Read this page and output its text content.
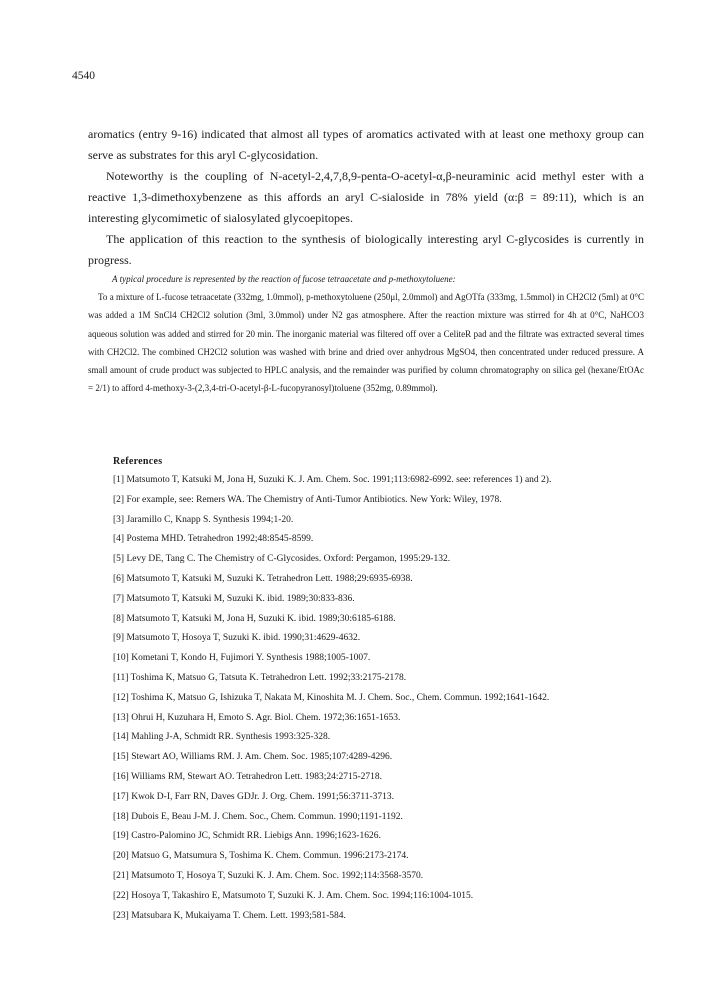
4540

aromatics (entry 9-16) indicated that almost all types of aromatics activated with at least one methoxy group can serve as substrates for this aryl C-glycosidation.

Noteworthy is the coupling of N-acetyl-2,4,7,8,9-penta-O-acetyl-α,β-neuraminic acid methyl ester with a reactive 1,3-dimethoxybenzene as this affords an aryl C-sialoside in 78% yield (α:β = 89:11), which is an interesting glycomimetic of sialosylated glycoepitopes.

The application of this reaction to the synthesis of biologically interesting aryl C-glycosides is currently in progress.

A typical procedure is represented by the reaction of fucose tetraacetate and p-methoxytoluene:

To a mixture of L-fucose tetraacetate (332mg, 1.0mmol), p-methoxytoluene (250μl, 2.0mmol) and AgOTfa (333mg, 1.5mmol) in CH2Cl2 (5ml) at 0°C was added a 1M SnCl4 CH2Cl2 solution (3ml, 3.0mmol) under N2 gas atmosphere. After the reaction mixture was stirred for 4h at 0°C, NaHCO3 aqueous solution was added and stirred for 20 min. The inorganic material was filtered off over a CeliteR pad and the filtrate was extracted several times with CH2Cl2. The combined CH2Cl2 solution was washed with brine and dried over anhydrous MgSO4, then concentrated under reduced pressure. A small amount of crude product was subjected to HPLC analysis, and the remainder was purified by column chromatography on silica gel (hexane/EtOAc = 2/1) to afford 4-methoxy-3-(2,3,4-tri-O-acetyl-β-L-fucopyranosyl)toluene (352mg, 0.89mmol).

References
[1] Matsumoto T, Katsuki M, Jona H, Suzuki K. J. Am. Chem. Soc. 1991;113:6982-6992. see: references 1) and 2).
[2] For example, see: Remers WA. The Chemistry of Anti-Tumor Antibiotics. New York: Wiley, 1978.
[3] Jaramillo C, Knapp S. Synthesis 1994;1-20.
[4] Postema MHD. Tetrahedron 1992;48:8545-8599.
[5] Levy DE, Tang C. The Chemistry of C-Glycosides. Oxford: Pergamon, 1995:29-132.
[6] Matsumoto T, Katsuki M, Suzuki K. Tetrahedron Lett. 1988;29:6935-6938.
[7] Matsumoto T, Katsuki M, Suzuki K. ibid. 1989;30:833-836.
[8] Matsumoto T, Katsuki M, Jona H, Suzuki K. ibid. 1989;30:6185-6188.
[9] Matsumoto T, Hosoya T, Suzuki K. ibid. 1990;31:4629-4632.
[10] Kometani T, Kondo H, Fujimori Y. Synthesis 1988;1005-1007.
[11] Toshima K, Matsuo G, Tatsuta K. Tetrahedron Lett. 1992;33:2175-2178.
[12] Toshima K, Matsuo G, Ishizuka T, Nakata M, Kinoshita M. J. Chem. Soc., Chem. Commun. 1992;1641-1642.
[13] Ohrui H, Kuzuhara H, Emoto S. Agr. Biol. Chem. 1972;36:1651-1653.
[14] Mahling J-A, Schmidt RR. Synthesis 1993:325-328.
[15] Stewart AO, Williams RM. J. Am. Chem. Soc. 1985;107:4289-4296.
[16] Williams RM, Stewart AO. Tetrahedron Lett. 1983;24:2715-2718.
[17] Kwok D-I, Farr RN, Daves GDJr. J. Org. Chem. 1991;56:3711-3713.
[18] Dubois E, Beau J-M. J. Chem. Soc., Chem. Commun. 1990;1191-1192.
[19] Castro-Palomino JC, Schmidt RR. Liebigs Ann. 1996;1623-1626.
[20] Matsuo G, Matsumura S, Toshima K. Chem. Commun. 1996:2173-2174.
[21] Matsumoto T, Hosoya T, Suzuki K. J. Am. Chem. Soc. 1992;114:3568-3570.
[22] Hosoya T, Takashiro E, Matsumoto T, Suzuki K. J. Am. Chem. Soc. 1994;116:1004-1015.
[23] Matsubara K, Mukaiyama T. Chem. Lett. 1993;581-584.
